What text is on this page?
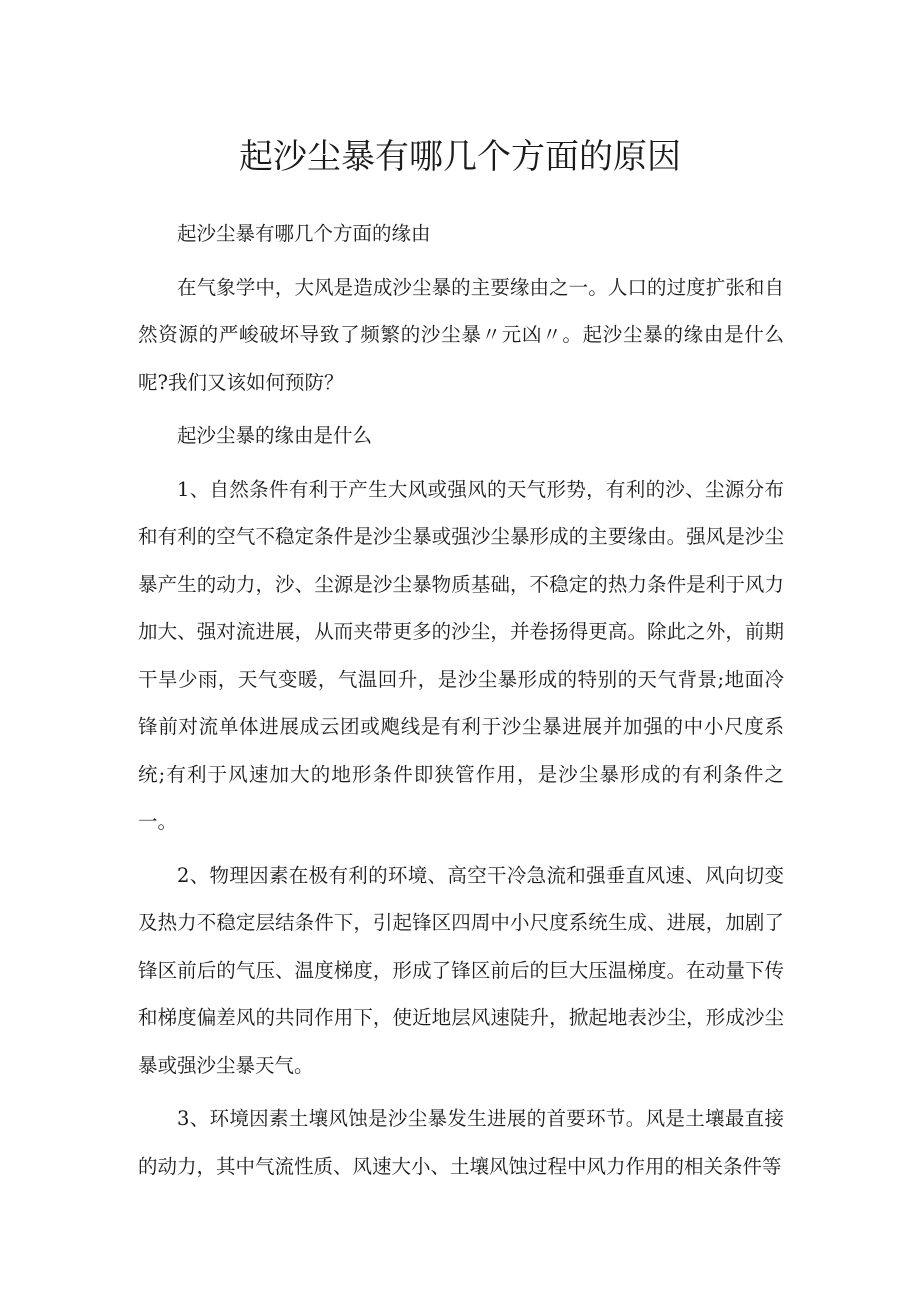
起沙尘暴有哪几个方面的原因

起沙尘暴有哪几个方面的缘由

在气象学中，大风是造成沙尘暴的主要缘由之一。人口的过度扩张和自然资源的严峻破坏导致了频繁的沙尘暴〃元凶〃。起沙尘暴的缘由是什么呢?我们又该如何预防？

起沙尘暴的缘由是什么

1、自然条件有利于产生大风或强风的天气形势，有利的沙、尘源分布和有利的空气不稳定条件是沙尘暴或强沙尘暴形成的主要缘由。强风是沙尘暴产生的动力，沙、尘源是沙尘暴物质基础，不稳定的热力条件是利于风力加大、强对流进展，从而夹带更多的沙尘，并卷扬得更高。除此之外，前期干旱少雨，天气变暖，气温回升，是沙尘暴形成的特别的天气背景;地面冷锋前对流单体进展成云团或飑线是有利于沙尘暴进展并加强的中小尺度系统;有利于风速加大的地形条件即狭管作用，是沙尘暴形成的有利条件之一。

2、物理因素在极有利的环境、高空干冷急流和强垂直风速、风向切变及热力不稳定层结条件下，引起锋区四周中小尺度系统生成、进展，加剧了锋区前后的气压、温度梯度，形成了锋区前后的巨大压温梯度。在动量下传和梯度偏差风的共同作用下，使近地层风速陡升，掀起地表沙尘，形成沙尘暴或强沙尘暴天气。

3、环境因素土壤风蚀是沙尘暴发生进展的首要环节。风是土壤最直接的动力，其中气流性质、风速大小、土壤风蚀过程中风力作用的相关条件等
